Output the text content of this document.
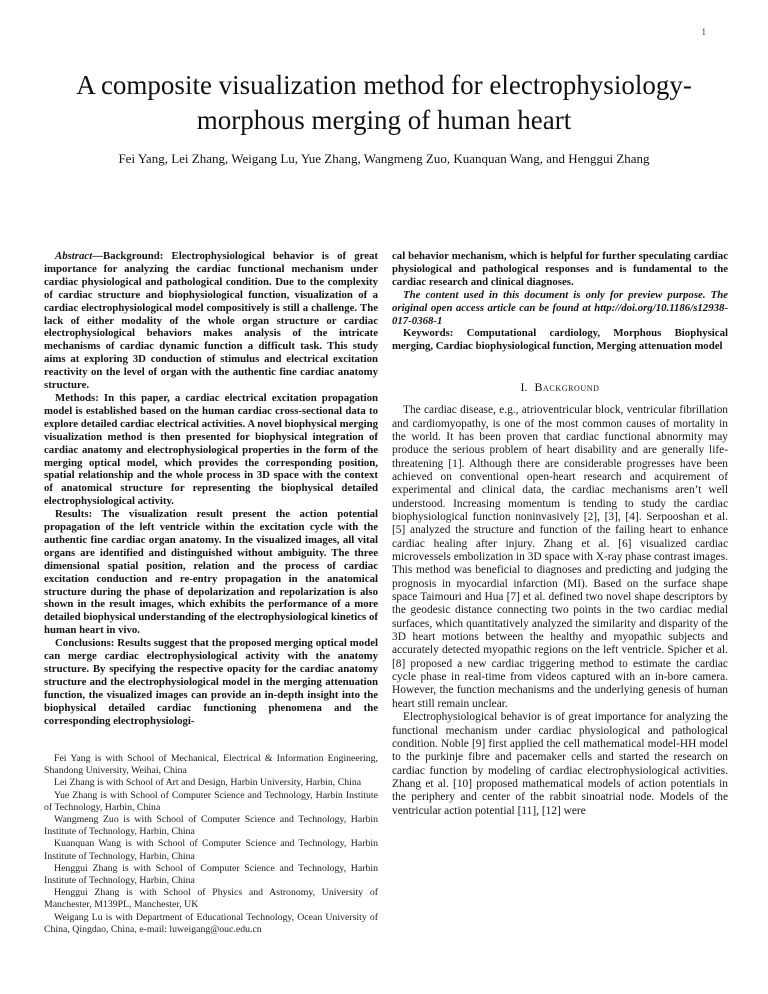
1
A composite visualization method for electrophysiology-morphous merging of human heart
Fei Yang, Lei Zhang, Weigang Lu, Yue Zhang, Wangmeng Zuo, Kuanquan Wang, and Henggui Zhang

Abstract—Background: Electrophysiological behavior is of great importance for analyzing the cardiac functional mechanism under cardiac physiological and pathological condition. Due to the complexity of cardiac structure and biophysiological function, visualization of a cardiac electrophysiological model compositively is still a challenge. The lack of either modality of the whole organ structure or cardiac electrophysiological behaviors makes analysis of the intricate mechanisms of cardiac dynamic function a difficult task. This study aims at exploring 3D conduction of stimulus and electrical excitation reactivity on the level of organ with the authentic fine cardiac anatomy structure.

Methods: In this paper, a cardiac electrical excitation propagation model is established based on the human cardiac cross-sectional data to explore detailed cardiac electrical activities. A novel biophysical merging visualization method is then presented for biophysical integration of cardiac anatomy and electrophysiological properties in the form of the merging optical model, which provides the corresponding position, spatial relationship and the whole process in 3D space with the context of anatomical structure for representing the biophysical detailed electrophysiological activity.

Results: The visualization result present the action potential propagation of the left ventricle within the excitation cycle with the authentic fine cardiac organ anatomy. In the visualized images, all vital organs are identified and distinguished without ambiguity. The three dimensional spatial position, relation and the process of cardiac excitation conduction and re-entry propagation in the anatomical structure during the phase of depolarization and repolarization is also shown in the result images, which exhibits the performance of a more detailed biophysical understanding of the electrophysiological kinetics of human heart in vivo.

Conclusions: Results suggest that the proposed merging optical model can merge cardiac electrophysiological activity with the anatomy structure. By specifying the respective opacity for the cardiac anatomy structure and the electrophysiological model in the merging attenuation function, the visualized images can provide an in-depth insight into the biophysical detailed cardiac functioning phenomena and the corresponding electrophysiologi-

Fei Yang is with School of Mechanical, Electrical & Information Engineering, Shandong University, Weihai, China

Lei Zhang is with School of Art and Design, Harbin University, Harbin, China

Yue Zhang is with School of Computer Science and Technology, Harbin Institute of Technology, Harbin, China

Wangmeng Zuo is with School of Computer Science and Technology, Harbin Institute of Technology, Harbin, China

Kuanquan Wang is with School of Computer Science and Technology, Harbin Institute of Technology, Harbin, China

Henggui Zhang is with School of Computer Science and Technology, Harbin Institute of Technology, Harbin, China

Henggui Zhang is with School of Physics and Astronomy, University of Manchester, M139PL, Manchester, UK

Weigang Lu is with Department of Educational Technology, Ocean University of China, Qingdao, China, e-mail: luweigang@ouc.edu.cn

cal behavior mechanism, which is helpful for further speculating cardiac physiological and pathological responses and is fundamental to the cardiac research and clinical diagnoses.

The content used in this document is only for preview purpose. The original open access article can be found at http://doi.org/10.1186/s12938-017-0368-1

Keywords: Computational cardiology, Morphous Biophysical merging, Cardiac biophysiological function, Merging attenuation model

I. Background

The cardiac disease, e.g., atrioventricular block, ventricular fibrillation and cardiomyopathy, is one of the most common causes of mortality in the world. It has been proven that cardiac functional abnormity may produce the serious problem of heart disability and are generally life-threatening [1]. Although there are considerable progresses have been achieved on conventional open-heart research and acquirement of experimental and clinical data, the cardiac mechanisms aren’t well understood. Increasing momentum is tending to study the cardiac biophysiological function noninvasively [2], [3], [4]. Serpooshan et al. [5] analyzed the structure and function of the failing heart to enhance cardiac healing after injury. Zhang et al. [6] visualized cardiac microvessels embolization in 3D space with X-ray phase contrast images. This method was beneficial to diagnoses and predicting and judging the prognosis in myocardial infarction (MI). Based on the surface shape space Taimouri and Hua [7] et al. defined two novel shape descriptors by the geodesic distance connecting two points in the two cardiac medial surfaces, which quantitatively analyzed the similarity and disparity of the 3D heart motions between the healthy and myopathic subjects and accurately detected myopathic regions on the left ventricle. Spicher et al. [8] proposed a new cardiac triggering method to estimate the cardiac cycle phase in real-time from videos captured with an in-bore camera. However, the function mechanisms and the underlying genesis of human heart still remain unclear.

Electrophysiological behavior is of great importance for analyzing the functional mechanism under cardiac physiological and pathological condition. Noble [9] first applied the cell mathematical model-HH model to the purkinje fibre and pacemaker cells and started the research on cardiac function by modeling of cardiac electrophysiological activities. Zhang et al. [10] proposed mathematical models of action potentials in the periphery and center of the rabbit sinoatrial node. Models of the ventricular action potential [11], [12] were
